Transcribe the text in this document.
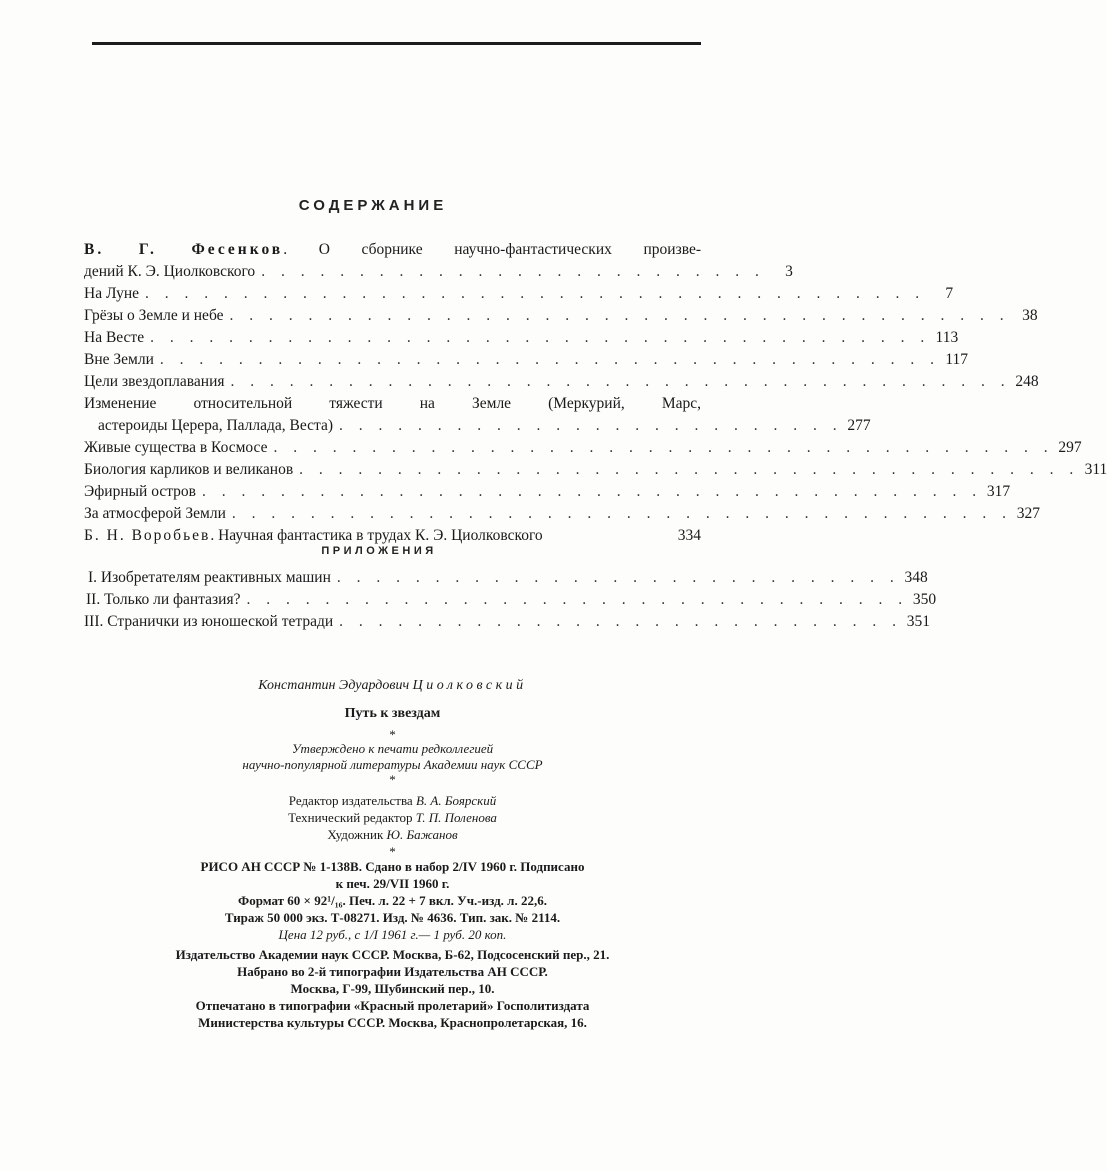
СОДЕРЖАНИЕ
В. Г. Фесенков. О сборнике научно-фантастических произве-
дений К. Э. Циолковского . . . . . . . . . . . . . . . . . . . . . . . . . .	3
На Луне . . . . . . . . . . . . . . . . . . . . . . . . . . . . . . . . . . . . . . . .	7
Грёзы о Земле и небе . . . . . . . . . . . . . . . . . . . . . . . . . . . . . . . . . . . . . . . . 38
На Весте . . . . . . . . . . . . . . . . . . . . . . . . . . . . . . . . . . . . . . . . 113
Вне Земли . . . . . . . . . . . . . . . . . . . . . . . . . . . . . . . . . . . . . . . . 117
Цели звездоплавания . . . . . . . . . . . . . . . . . . . . . . . . . . . . . . . . . . . . . . . . 248
Изменение относительной тяжести на Земле (Меркурий, Марс,
астероиды Церера, Паллада, Веста) . . . . . . . . . . . . . . . . . . . . . . . . . . 277
Живые существа в Космосе . . . . . . . . . . . . . . . . . . . . . . . . . . . . . . . . . . . . . . . . 297
Биология карликов и великанов . . . . . . . . . . . . . . . . . . . . . . . . . . . . . . . . . . . . . . . . 311
Эфирный остров . . . . . . . . . . . . . . . . . . . . . . . . . . . . . . . . . . . . . . . . 317
За атмосферой Земли . . . . . . . . . . . . . . . . . . . . . . . . . . . . . . . . . . . . . . . . 327
Б. Н. Воробьев. Научная фантастика в трудах К. Э. Циолковского	334
ПРИЛОЖЕНИЯ
I. Изобретателям реактивных машин . . . . . . . . . . . . . . . . . . . . . . . . . . . . . 348
II. Только ли фантазия? . . . . . . . . . . . . . . . . . . . . . . . . . . . . . . . . . . 350
III. Странички из юношеской тетради . . . . . . . . . . . . . . . . . . . . . . . . . . . . . 351
Константин Эдуардович Циолковский
Путь к звездам
*
Утверждено к печати редколлегией
научно-популярной литературы Академии наук СССР
*
Редактор издательства В. А. Боярский
Технический редактор Т. П. Поленова
Художник Ю. Бажанов
*
РИСО АН СССР № 1-138В. Сдано в набор 2/IV 1960 г. Подписано
к печ. 29/VII 1960 г.
Формат 60 × 92¹/₁₆. Печ. л. 22 + 7 вкл. Уч.-изд. л. 22,6.
Тираж 50 000 экз. Т-08271. Изд. № 4636. Тип. зак. № 2114.
Цена 12 руб., с 1/I 1961 г.— 1 руб. 20 коп.
Издательство Академии наук СССР. Москва, Б-62, Подсосенский пер., 21.
Набрано во 2-й типографии Издательства АН СССР.
Москва, Г-99, Шубинский пер., 10.
Отпечатано в типографии «Красный пролетарий» Госполитиздата
Министерства культуры СССР. Москва, Краснопролетарская, 16.
